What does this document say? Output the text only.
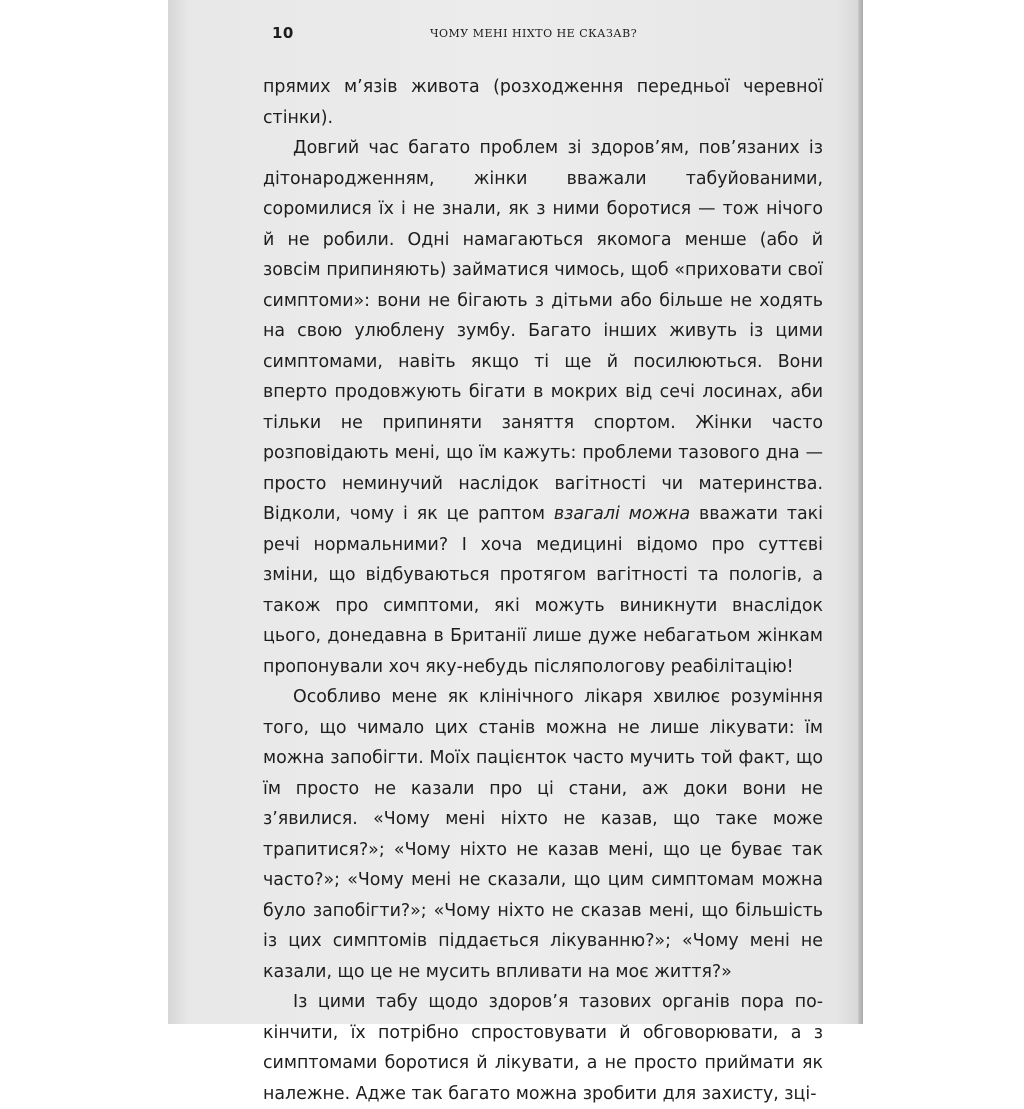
10	ЧОМУ МЕНІ НІХТО НЕ СКАЗАВ?

прямих м’язів живота (розходження передньої черевної стінки).

Довгий час багато проблем зі здоров’ям, пов’язаних із дітонародженням, жінки вважали табуйованими, соромилися їх і не знали, як з ними боротися — тож нічого й не робили. Одні намагаються якомога менше (або й зовсім припиняють) займатися чимось, щоб «приховати свої симптоми»: вони не бігають з дітьми або більше не ходять на свою улюблену зумбу. Багато інших живуть із цими симптомами, навіть якщо ті ще й посилюються. Вони вперто продовжують бігати в мокрих від сечі лосинах, аби тільки не припиняти заняття спортом. Жінки часто розповідають мені, що їм кажуть: проблеми тазового дна — просто неминучий наслідок вагітності чи материнства. Відколи, чому і як це раптом взагалі можна вважати такі речі нормальними? І хоча медицині відомо про суттєві зміни, що відбуваються протягом вагітності та пологів, а також про симптоми, які можуть виникнути внаслідок цього, донедавна в Британії лише дуже небагатьом жінкам пропонували хоч яку-небудь післяпологову реабілітацію!

Особливо мене як клінічного лікаря хвилює розуміння того, що чимало цих станів можна не лише лікувати: їм можна запобігти. Моїх пацієнток часто мучить той факт, що їм просто не казали про ці стани, аж доки вони не з’явилися. «Чому мені ніхто не казав, що таке може трапитися?»; «Чому ніхто не казав мені, що це буває так часто?»; «Чому мені не сказали, що цим симптомам можна було запобігти?»; «Чому ніхто не сказав мені, що більшість із цих симптомів піддається лікуванню?»; «Чому мені не казали, що це не мусить впливати на моє життя?»

Із цими табу щодо здоров’я тазових органів пора покінчити, їх потрібно спростовувати й обговорювати, а з симптомами боротися й лікувати, а не просто приймати як належне. Адже так багато можна зробити для захисту, зці-
